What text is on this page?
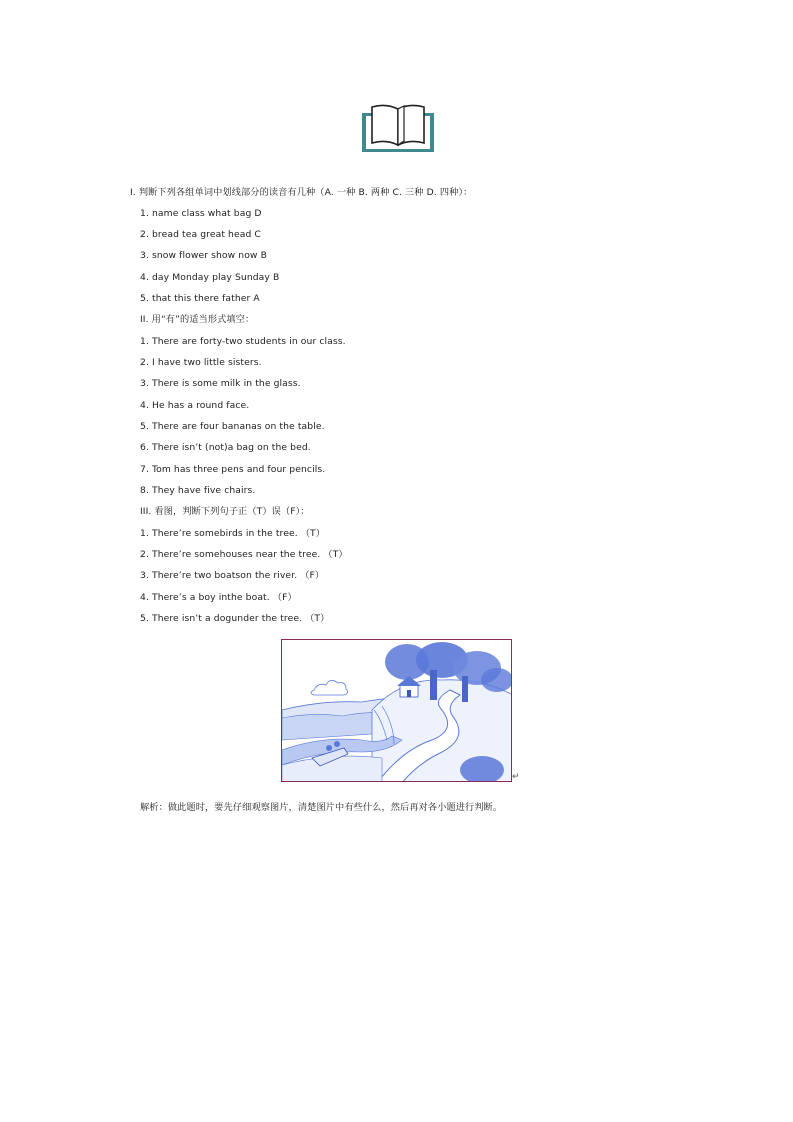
I. 判断下列各组单词中划线部分的读音有几种（A. 一种 B. 两种 C. 三种 D. 四种）：
1. name class what bag D
2. bread tea great head C
3. snow flower show now B
4. day Monday play Sunday B
5. that this there father A
II. 用“有”的适当形式填空：
1. There are forty-two students in our class.
2. I have two little sisters.
3. There is some milk in the glass.
4. He has a round face.
5. There are four bananas on the table.
6. There isn’t (not)a bag on the bed.
7. Tom has three pens and four pencils.
8. They have five chairs.
III. 看图，判断下列句子正（T）误（F）：
1. There’re somebirds in the tree. （T）
2. There’re somehouses near the tree. （T）
3. There’re two boatson the river. （F）
4. There’s a boy inthe boat. （F）
5. There isn’t a dogunder the tree. （T）
↵
解析：做此题时，要先仔细观察图片，清楚图片中有些什么，然后再对各小题进行判断。
